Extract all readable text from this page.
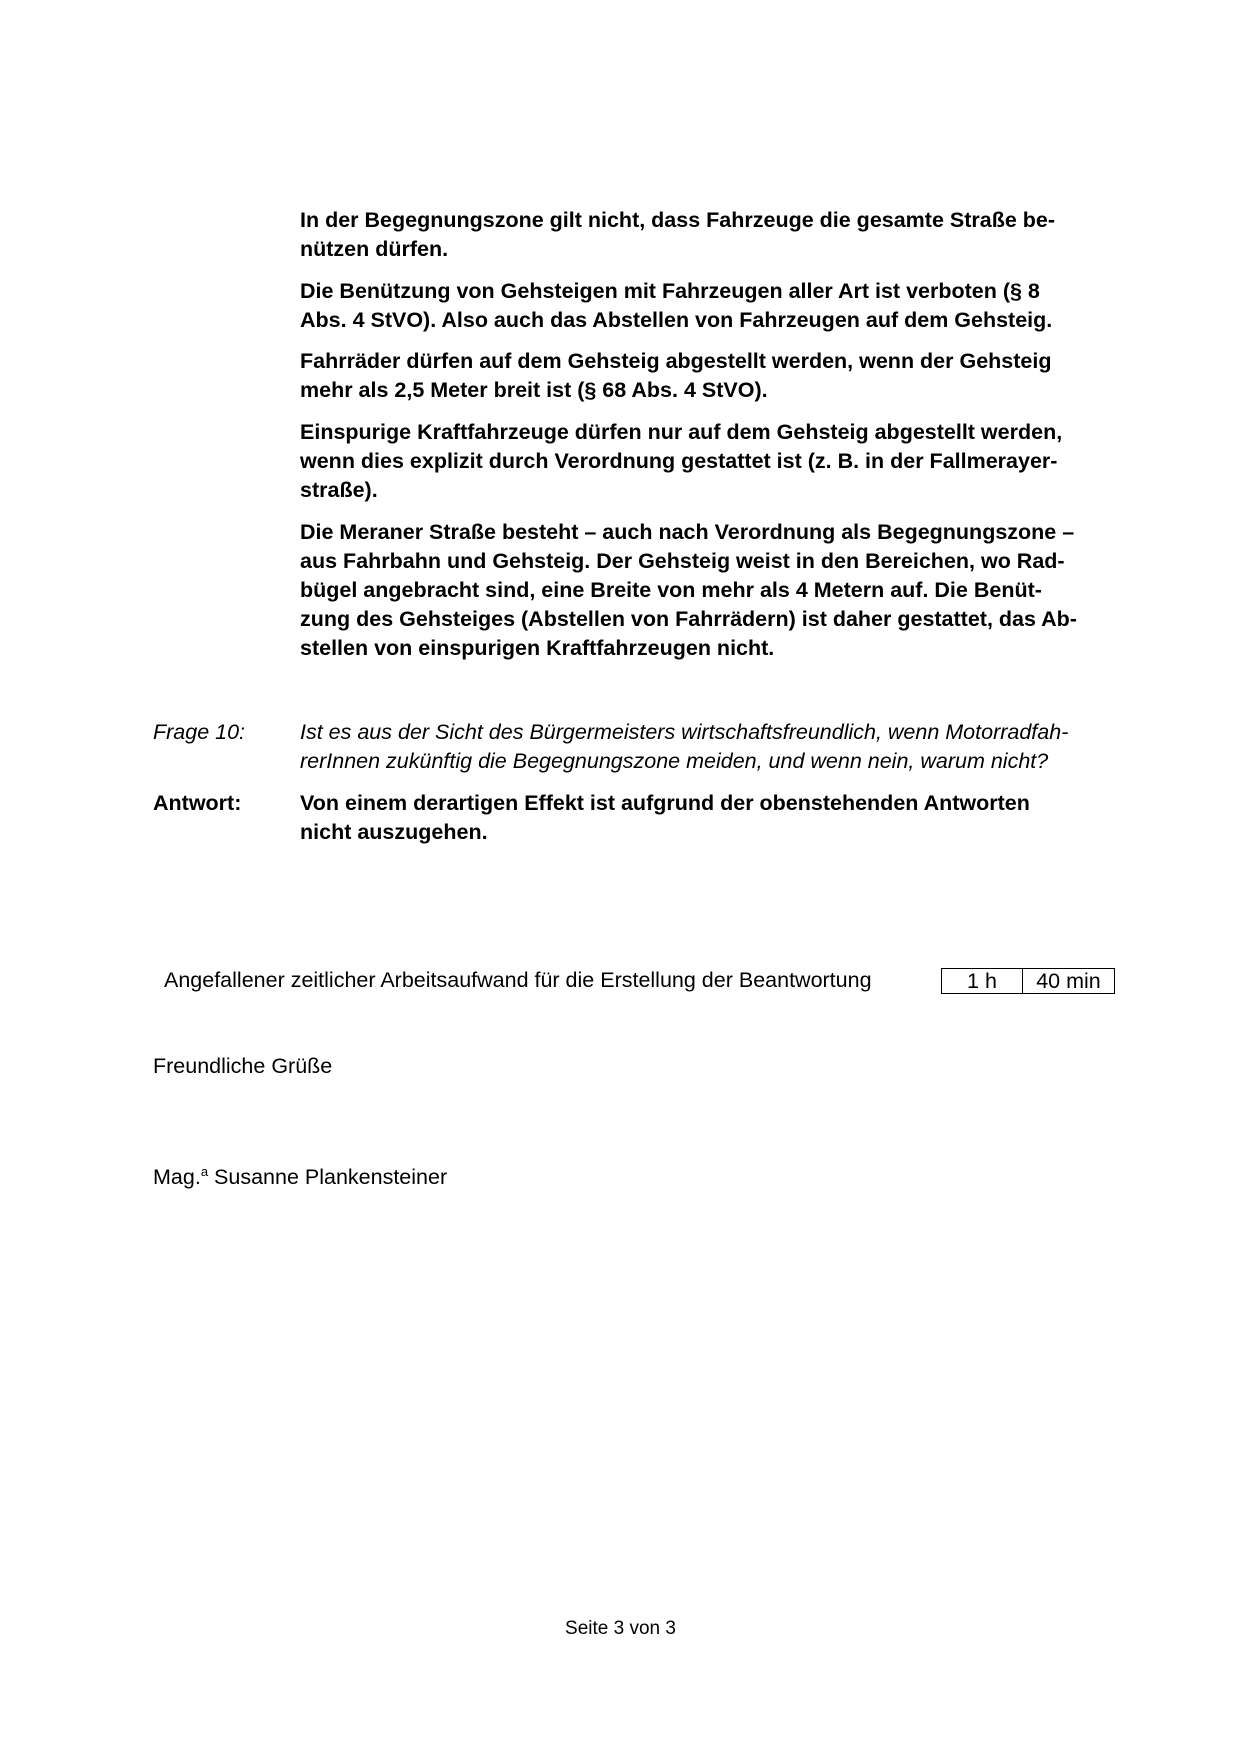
In der Begegnungszone gilt nicht, dass Fahrzeuge die gesamte Straße be-
nützen dürfen.
Die Benützung von Gehsteigen mit Fahrzeugen aller Art ist verboten (§ 8
Abs. 4 StVO). Also auch das Abstellen von Fahrzeugen auf dem Gehsteig.
Fahrräder dürfen auf dem Gehsteig abgestellt werden, wenn der Gehsteig
mehr als 2,5 Meter breit ist (§ 68 Abs. 4 StVO).
Einspurige Kraftfahrzeuge dürfen nur auf dem Gehsteig abgestellt werden,
wenn dies explizit durch Verordnung gestattet ist (z. B. in der Fallmerayer-
straße).
Die Meraner Straße besteht – auch nach Verordnung als Begegnungszone –
aus Fahrbahn und Gehsteig. Der Gehsteig weist in den Bereichen, wo Rad-
bügel angebracht sind, eine Breite von mehr als 4 Metern auf. Die Benüt-
zung des Gehsteiges (Abstellen von Fahrrädern) ist daher gestattet, das Ab-
stellen von einspurigen Kraftfahrzeugen nicht.
Frage 10:	Ist es aus der Sicht des Bürgermeisters wirtschaftsfreundlich, wenn Motorradfah-
rerInnen zukünftig die Begegnungszone meiden, und wenn nein, warum nicht?
Antwort:	Von einem derartigen Effekt ist aufgrund der obenstehenden Antworten
nicht auszugehen.
Angefallener zeitlicher Arbeitsaufwand für die Erstellung der Beantwortung	1 h	40 min
Freundliche Grüße
Mag.$^a$ Susanne Plankensteiner
Seite 3 von 3
